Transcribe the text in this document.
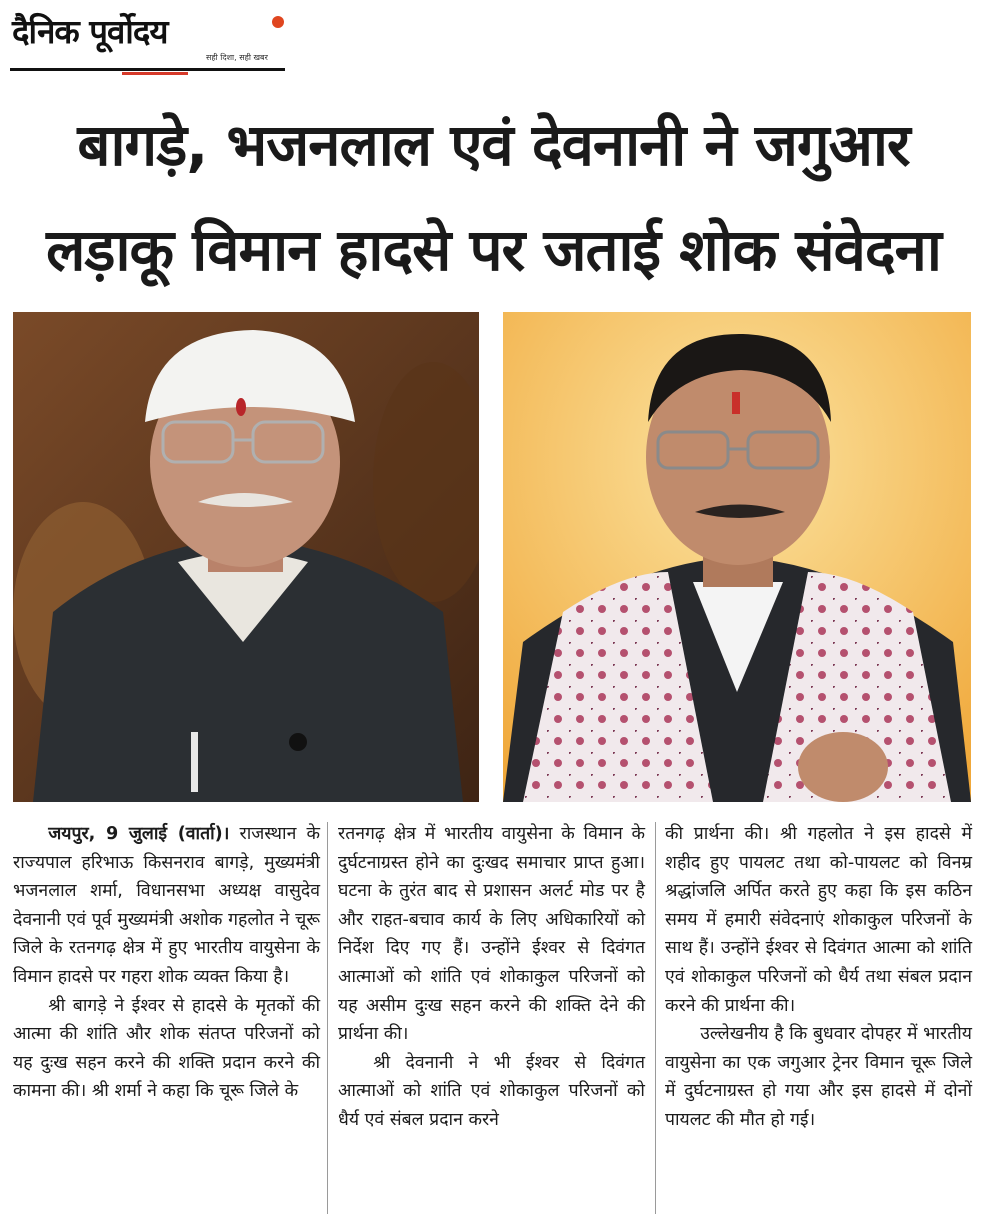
दैनिक पूर्वोदय
सही दिशा, सही खबर
बागड़े, भजनलाल एवं देवनानी ने जगुआर
लड़ाकू विमान हादसे पर जताई शोक संवेदना

जयपुर, 9 जुलाई (वार्ता)। राजस्थान के राज्यपाल हरिभाऊ किसनराव बागड़े, मुख्यमंत्री भजनलाल शर्मा, विधानसभा अध्यक्ष वासुदेव देवनानी एवं पूर्व मुख्यमंत्री अशोक गहलोत ने चूरू जिले के रतनगढ़ क्षेत्र में हुए भारतीय वायुसेना के विमान हादसे पर गहरा शोक व्यक्त किया है।

श्री बागड़े ने ईश्वर से हादसे के मृतकों की आत्मा की शांति और शोक संतप्त परिजनों को यह दुःख सहन करने की शक्ति प्रदान करने की कामना की। श्री शर्मा ने कहा कि चूरू जिले के

रतनगढ़ क्षेत्र में भारतीय वायुसेना के विमान के दुर्घटनाग्रस्त होने का दुःखद समाचार प्राप्त हुआ। घटना के तुरंत बाद से प्रशासन अलर्ट मोड पर है और राहत-बचाव कार्य के लिए अधिकारियों को निर्देश दिए गए हैं। उन्होंने ईश्वर से दिवंगत आत्माओं को शांति एवं शोकाकुल परिजनों को यह असीम दुःख सहन करने की शक्ति देने की प्रार्थना की।

श्री देवनानी ने भी ईश्वर से दिवंगत आत्माओं को शांति एवं शोकाकुल परिजनों को धैर्य एवं संबल प्रदान करने

की प्रार्थना की। श्री गहलोत ने इस हादसे में शहीद हुए पायलट तथा को-पायलट को विनम्र श्रद्धांजलि अर्पित करते हुए कहा कि इस कठिन समय में हमारी संवेदनाएं शोकाकुल परिजनों के साथ हैं। उन्होंने ईश्वर से दिवंगत आत्मा को शांति एवं शोकाकुल परिजनों को धैर्य तथा संबल प्रदान करने की प्रार्थना की।

उल्लेखनीय है कि बुधवार दोपहर में भारतीय वायुसेना का एक जगुआर ट्रेनर विमान चूरू जिले में दुर्घटनाग्रस्त हो गया और इस हादसे में दोनों पायलट की मौत हो गई।
